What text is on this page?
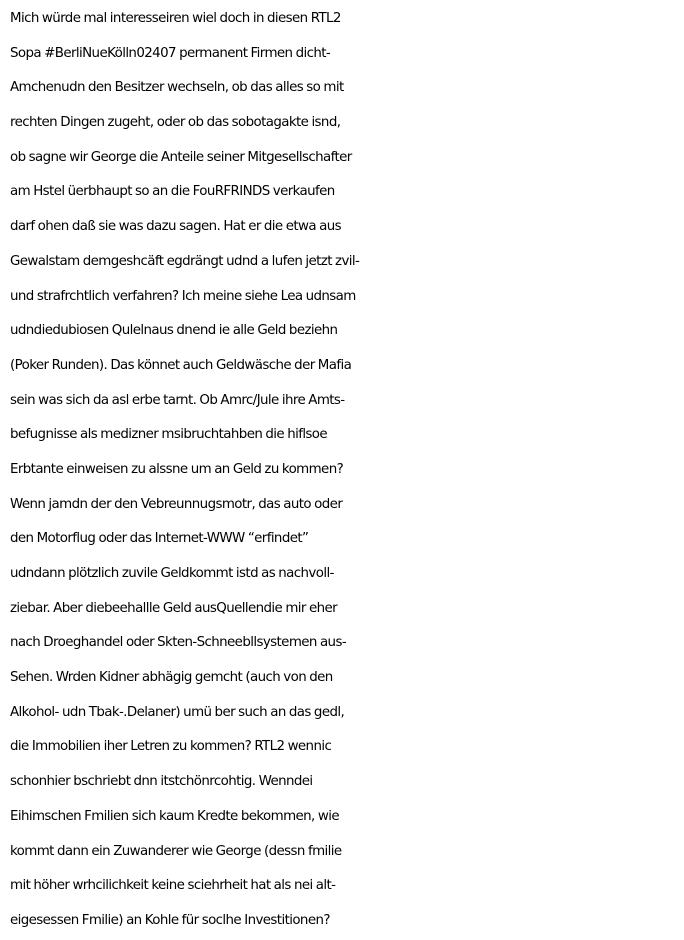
Mich würde mal interesseiren wiel doch in diesen RTL2
Sopa #BerliNueKölln02407 permanent Firmen dicht-
Amchenudn den Besitzer wechseln, ob das alles so mit
rechten Dingen zugeht, oder ob das sobotagakte isnd,
ob sagne wir George die Anteile seiner Mitgesellschafter
am Hstel üerbhaupt so an die FouRFRINDS verkaufen
darf ohen daß sie was dazu sagen. Hat er die etwa aus
Gewalstam demgeshcäft egdrängt udnd a lufen jetzt zvil-
und strafrchtlich verfahren? Ich meine siehe Lea udnsam
udndiedubiosen Qulelnaus dnend ie alle Geld beziehn
(Poker Runden). Das könnet auch Geldwäsche der Mafia
sein was sich da asl erbe tarnt. Ob Amrc/Jule ihre Amts-
befugnisse als medizner msibruchtahben die hiflsoe
Erbtante einweisen zu alssne um an Geld zu kommen?
Wenn jamdn der den Vebreunnugsmotr, das auto oder
den Motorflug oder das Internet-WWW “erfindet”
udndann plötzlich zuvile Geldkommt istd as nachvoll-
ziebar. Aber diebeehallle Geld ausQuellendie mir eher
nach Droeghandel oder Skten-Schneebllsystemen aus-
Sehen. Wrden Kidner abhägig gemcht (auch von den
Alkohol- udn Tbak-.Delaner) umü ber such an das gedl,
die Immobilien iher Letren zu kommen? RTL2 wennic
schonhier bschriebt dnn itstchönrcohtig. Wenndei
Eihimschen Fmilien sich kaum Kredte bekommen, wie
kommt dann ein Zuwanderer wie George (dessn fmilie
mit höher wrhcilichkeit keine sciehrheit hat als nei alt-
eigesessen Fmilie) an Kohle für soclhe Investitionen?
